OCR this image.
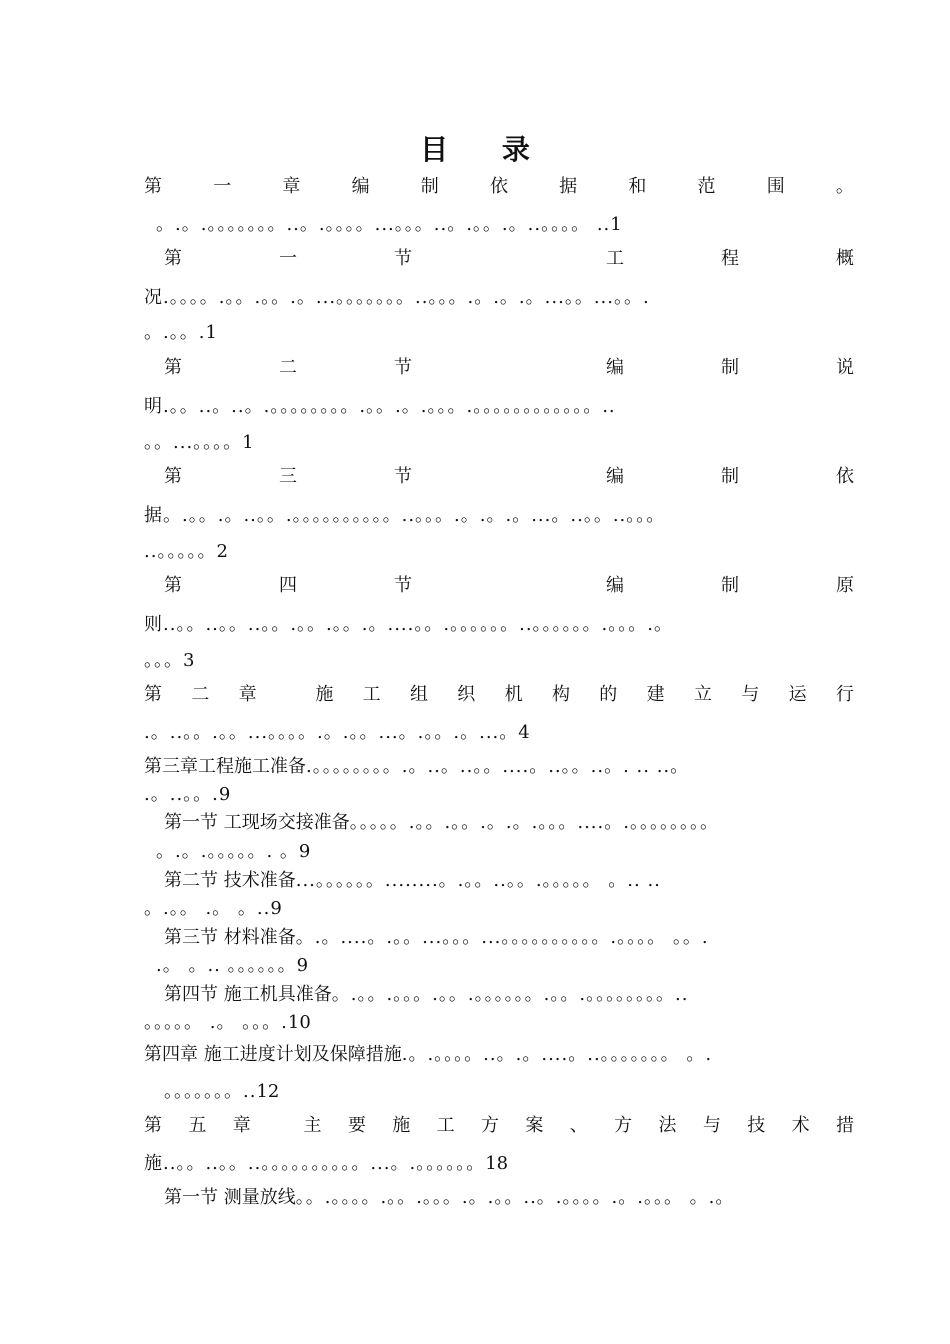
目 录
第	一	章	编	制	依	据	和	范	围	。
。.。.。。。。。。。..。.。。。。...。。。..。.。。.。..。。。。 ..1
第	一	节	工	程	概
况.。。。。.。。.。。.。...。。。。。。。..。。。.。.。.。...。。...。。.
。.。。.1
第	二	节	编	制	说
明.。。..。..。.。。。。。。。。.。。.。.。。。.。。。。。。。。。。。。..
。。...。。。。1
第	三	节	编	制	依
据。.。。.。..。。.。。。。。。。。。。..。。。.。.。.。...。..。。..。。。
..。。。。。2
第	四	节	编	制	原
则..。。..。。..。。.。。.。。.。....。。.。。。。。。..。。。。。。.。。。.。
。。。3
第 二 章	施 工 组 织 机 构 的 建 立 与 运 行
.。..。。.。。...。。。。.。.。。...。.。。.。...。4
第三章工程施工准备.。。。。。。。。.。..。..。。....。..。。..。. .. ..。
.。..。。.9
第一节 工现场交接准备。。。。。.。。.。。.。.。.。。。....。.。。。。。。。。
。.。.。。。。。. 。9
第二节 技术准备...。。。。。。........。.。。..。。.。。。。。 。.. ..
。.。。 .。 。..9
第三节 材料准备。.。....。.。。...。。。...。。。。。。。。。。.。。。。 。。.
.。 。.. 。。。。。。9
第四节 施工机具准备。.。。.。。。.。。.。。。。。。.。。.。。。。。。。。..
。。。。。 .。 。。。.10
第四章 施工进度计划及保障措施.。.。。。。..。.。....。..。。。。。。。 。.
。。。。。。。..12
第 五 章	主 要 施 工 方 案 、 方 法 与 技 术 措
施..。。..。。..。。。。。。。。。。...。.。。。。。。18
第一节 测量放线。。.。。。。.。。.。。。.。.。。..。.。。。。.。.。。。 。.。
